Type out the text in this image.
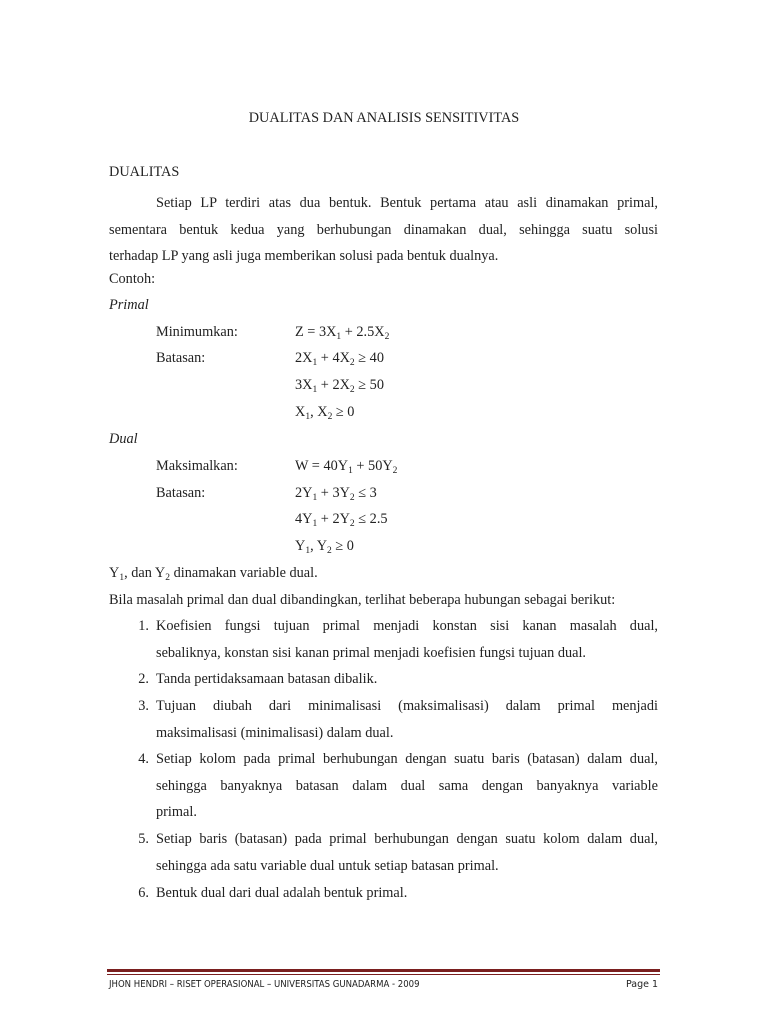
DUALITAS DAN ANALISIS SENSITIVITAS
DUALITAS
Setiap LP terdiri atas dua bentuk. Bentuk pertama atau asli dinamakan primal,
sementara bentuk kedua yang berhubungan dinamakan dual, sehingga suatu solusi
terhadap LP yang asli juga memberikan solusi pada bentuk dualnya.
Contoh:
Primal
Minimumkan:	$Z = 3X_1 + 2.5X_2$
Batasan:	$2X_1 + 4X_2 \ge 40$
$3X_1 + 2X_2 \ge 50$
$X_1$, $X_2 \ge 0$
Dual
Maksimalkan:	$W = 40Y_1 + 50Y_2$
Batasan:	$2Y_1 + 3Y_2 \le 3$
$4Y_1 + 2Y_2 \le 2.5$
$Y_1$, $Y_2 \ge 0$
$Y_1$, dan $Y_2$ dinamakan variable dual.
Bila masalah primal dan dual dibandingkan, terlihat beberapa hubungan sebagai berikut:
1. Koefisien fungsi tujuan primal menjadi konstan sisi kanan masalah dual,
sebaliknya, konstan sisi kanan primal menjadi koefisien fungsi tujuan dual.
2. Tanda pertidaksamaan batasan dibalik.
3. Tujuan diubah dari minimalisasi (maksimalisasi) dalam primal menjadi
maksimalisasi (minimalisasi) dalam dual.
4. Setiap kolom pada primal berhubungan dengan suatu baris (batasan) dalam dual,
sehingga banyaknya batasan dalam dual sama dengan banyaknya variable
primal.
5. Setiap baris (batasan) pada primal berhubungan dengan suatu kolom dalam dual,
sehingga ada satu variable dual untuk setiap batasan primal.
6. Bentuk dual dari dual adalah bentuk primal.
JHON HENDRI – RISET OPERASIONAL – UNIVERSITAS GUNADARMA - 2009	Page 1
